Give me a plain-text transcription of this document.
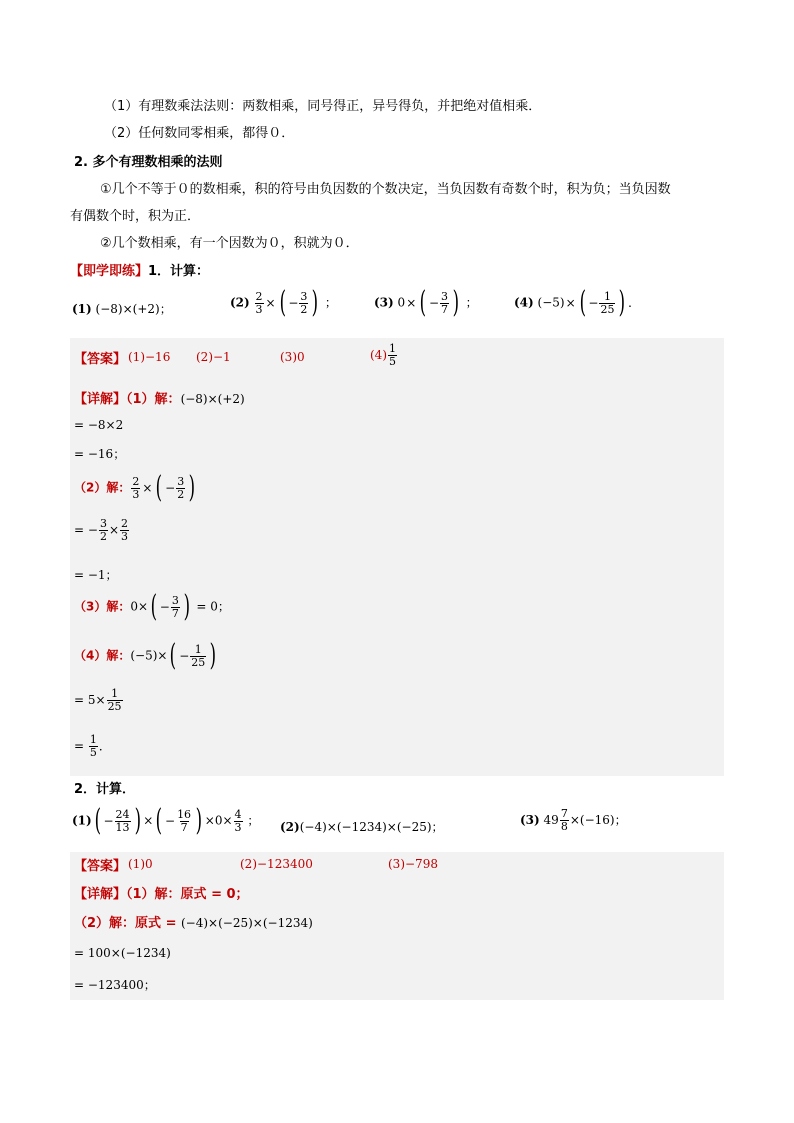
（1）有理数乘法法则：两数相乘，同号得正，异号得负，并把绝对值相乘．
（2）任何数同零相乘，都得０．
2. 多个有理数相乘的法则
①几个不等于０的数相乘，积的符号由负因数的个数决定，当负因数有奇数个时，积为负；当负因数
有偶数个时，积为正．
②几个数相乘，有一个因数为０，积就为０．
【即学即练】1．计算：
(1) (−8)×(+2)；	$(2) \frac{2}{3}$ × ( − $\frac{3}{2}$ ) ；	(3) 0× ( − $\frac{3}{7}$ ) ；	(4) (−5)× ( − $\frac{1}{25}$ ) ．
【答案】 (1)−16 (2)−1	(3)0	$(4) \frac{1}{5}$
【详解】（1）解：(−8)×(+2)
= −8×2
= −16；
（2）解： $\frac{2}{3}$ × ( − $\frac{3}{2}$ )
= − $\frac{3}{2} \times \frac{2}{3}$
= −1；
（3）解：0× ( − $\frac{3}{7}$ ) = 0；
（4）解：(−5)× ( − $\frac{1}{25}$ )
= $5\times \frac{1}{25}$
= $\frac{1}{5}$ ．
2．计算．
(1) ( − $\frac{24}{13}$ ) × ( − $\frac{16}{7}$ ) $\times 0\times \frac{4}{3}$ ； (2)(−4)×(−1234)×(−25)；	(3) $49 \frac{7}{8} \times(-16)$；
【答案】 (1)0	(2)−123400	(3)−798
【详解】（1）解：原式 = 0；
（2）解：原式 = (−4)×(−25)×(−1234)
= 100×(−1234)
= −123400；
